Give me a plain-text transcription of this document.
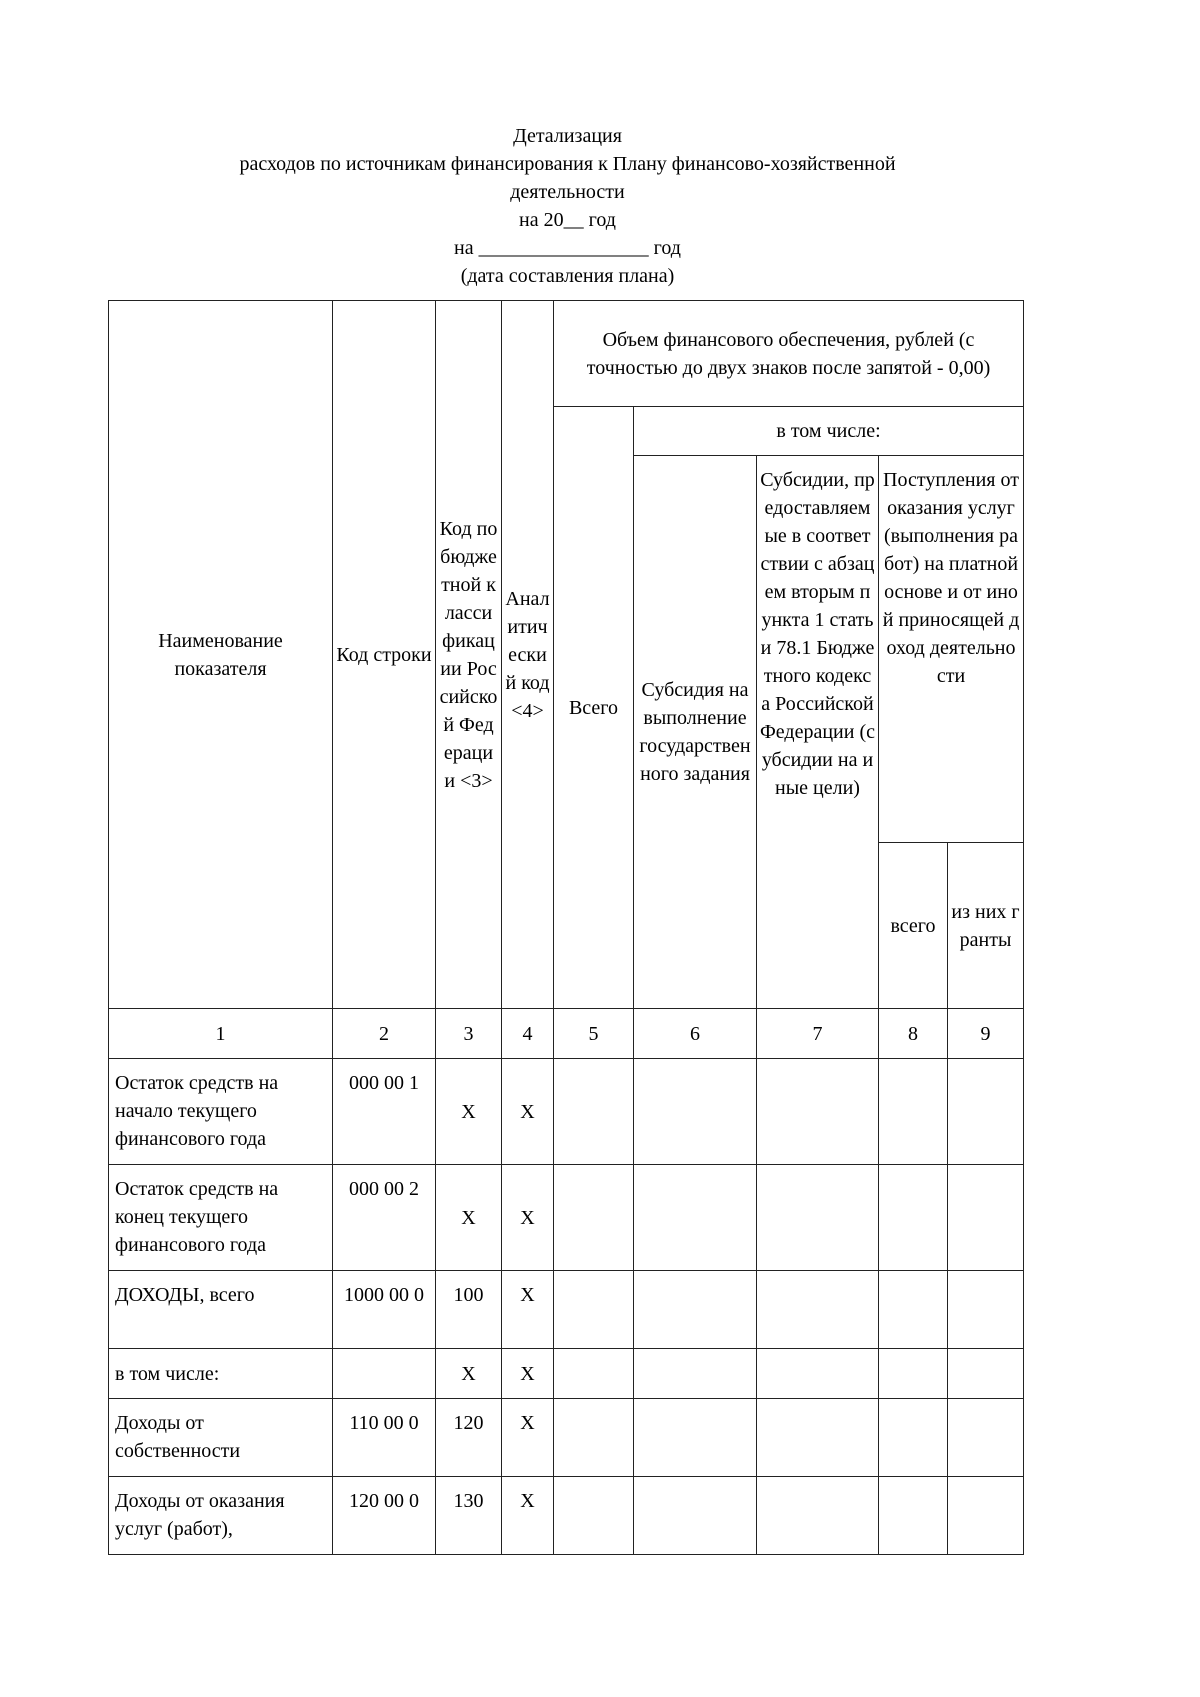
Детализация
расходов по источникам финансирования к Плану финансово-хозяйственной
деятельности
на 20__ год
на _________________ год
(дата составления плана)
Наименование показателя	Код строки	Код по бюджетной классификации Российской Федерации <3>	Аналитический код <4>	Объем финансового обеспечения, рублей (с точностью до двух знаков после запятой - 0,00)				
				Всего	в том числе:			
					Субсидия на выполнение государственного задания	Субсидии, предоставляемые в соответствии с абзацем вторым пункта 1 статьи 78.1 Бюджетного кодекса Российской Федерации (субсидии на иные цели)	Поступления от оказания услуг (выполнения работ) на платной основе и от иной приносящей доход деятельности	
							всего	из них гранты

1	2	3	4	5	6	7	8	9
Остаток средств на начало текущего финансового года	000 00 1	X	X					
Остаток средств на конец текущего финансового года	000 00 2	X	X					
ДОХОДЫ, всего	1000 00 0	100	X					
в том числе:		X	X					
Доходы от собственности	110 00 0	120	X					
Доходы от оказания услуг (работ),	120 00 0	130	X					
